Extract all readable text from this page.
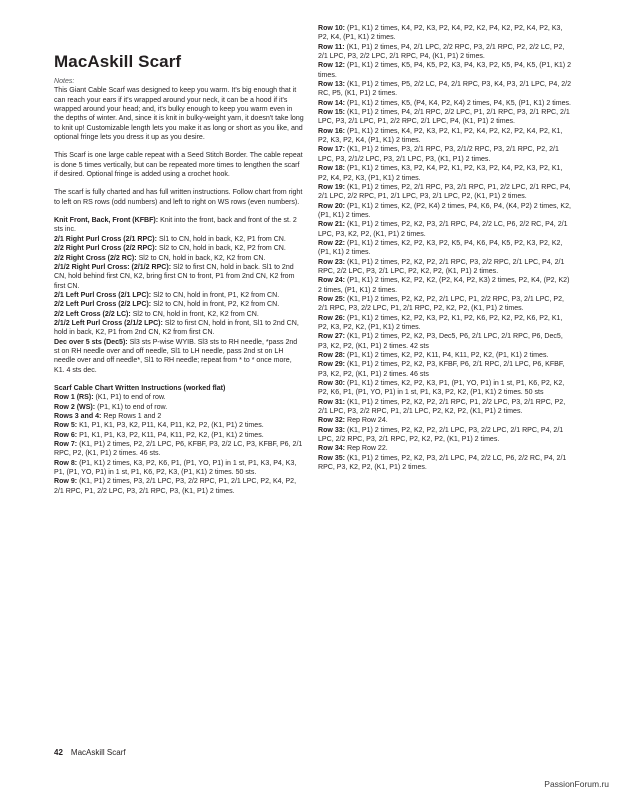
MacAskill Scarf
Notes:

This Giant Cable Scarf was designed to keep you warm. It's big enough that it can reach your ears if it's wrapped around your neck, it can be a hood if it's wrapped around your head; and, it's bulky enough to keep you warm even in the depths of winter. And, since it is knit in bulky-weight yarn, it doesn't take long to knit up! Customizable length lets you make it as long or short as you like, and optional fringe lets you dress it up as you desire.

This Scarf is one large cable repeat with a Seed Stitch Border. The cable repeat is done 5 times vertically, but can be repeated more times to lengthen the scarf if desired. Optional fringe is added using a crochet hook.

The scarf is fully charted and has full written instructions. Follow chart from right to left on RS rows (odd numbers) and left to right on WS rows (even numbers).

Knit Front, Back, Front (KFBF): Knit into the front, back and front of the st. 2 sts inc.

2/1 Right Purl Cross (2/1 RPC): Sl1 to CN, hold in back, K2, P1 from CN.

2/2 Right Purl Cross (2/2 RPC): Sl2 to CN, hold in back, K2, P2 from CN.

2/2 Right Cross (2/2 RC): Sl2 to CN, hold in back, K2, K2 from CN.

2/1/2 Right Purl Cross: (2/1/2 RPC): Sl2 to first CN, hold in back. Sl1 to 2nd CN, hold behind first CN, K2, bring first CN to front, P1 from 2nd CN, K2 from first CN.

2/1 Left Purl Cross (2/1 LPC): Sl2 to CN, hold in front, P1, K2 from CN.

2/2 Left Purl Cross (2/2 LPC): Sl2 to CN, hold in front, P2, K2 from CN.

2/2 Left Cross (2/2 LC): Sl2 to CN, hold in front, K2, K2 from CN.

2/1/2 Left Purl Cross (2/1/2 LPC): Sl2 to first CN, hold in front, Sl1 to 2nd CN, hold in back, K2, P1 from 2nd CN, K2 from first CN.

Dec over 5 sts (Dec5): Sl3 sts P-wise WYIB. Sl3 sts to RH needle, *pass 2nd st on RH needle over and off needle, Sl1 to LH needle, pass 2nd st on LH needle over and off needle*, Sl1 to RH needle; repeat from * to * once more, K1. 4 sts dec.

Scarf Cable Chart Written Instructions (worked flat)

Row 1 (RS): (K1, P1) to end of row.

Row 2 (WS): (P1, K1) to end of row.

Rows 3 and 4: Rep Rows 1 and 2

Row 5: K1, P1, K1, P3, K2, P11, K4, P11, K2, P2, (K1, P1) 2 times.

Row 6: P1, K1, P1, K3, P2, K11, P4, K11, P2, K2, (P1, K1) 2 times.

Row 7: (K1, P1) 2 times, P2, 2/1 LPC, P6, KFBF, P3, 2/2 LC, P3, KFBF, P6, 2/1 RPC, P2, (K1, P1) 2 times. 46 sts.

Row 8: (P1, K1) 2 times, K3, P2, K6, P1, (P1, YO, P1) in 1 st, P1, K3, P4, K3, P1, (P1, YO, P1) in 1 st, P1, K6, P2, K3, (P1, K1) 2 times. 50 sts.

Row 9: (K1, P1) 2 times, P3, 2/1 LPC, P3, 2/2 RPC, P1, 2/1 LPC, P2, K4, P2, 2/1 RPC, P1, 2/2 LPC, P3, 2/1 RPC, P3, (K1, P1) 2 times.

Row 10: (P1, K1) 2 times, K4, P2, K3, P2, K4, P2, K2, P4, K2, P2, K4, P2, K3, P2, K4, (P1, K1) 2 times.

Row 11: (K1, P1) 2 times, P4, 2/1 LPC, 2/2 RPC, P3, 2/1 RPC, P2, 2/2 LC, P2, 2/1 LPC, P3, 2/2 LPC, 2/1 RPC, P4, (K1, P1) 2 times.

Row 12: (P1, K1) 2 times, K5, P4, K5, P2, K3, P4, K3, P2, K5, P4, K5, (P1, K1) 2 times.

Row 13: (K1, P1) 2 times, P5, 2/2 LC, P4, 2/1 RPC, P3, K4, P3, 2/1 LPC, P4, 2/2 RC, P5, (K1, P1) 2 times.

Row 14: (P1, K1) 2 times, K5, (P4, K4, P2, K4) 2 times, P4, K5, (P1, K1) 2 times.

Row 15: (K1, P1) 2 times, P4, 2/1 RPC, 2/2 LPC, P1, 2/1 RPC, P3, 2/1 RPC, 2/1 LPC, P3, 2/1 LPC, P1, 2/2 RPC, 2/1 LPC, P4, (K1, P1) 2 times.

Row 16: (P1, K1) 2 times, K4, P2, K3, P2, K1, P2, K4, P2, K2, P2, K4, P2, K1, P2, K3, P2, K4, (P1, K1) 2 times.

Row 17: (K1, P1) 2 times, P3, 2/1 RPC, P3, 2/1/2 RPC, P3, 2/1 RPC, P2, 2/1 LPC, P3, 2/1/2 LPC, P3, 2/1 LPC, P3, (K1, P1) 2 times.

Row 18: (P1, K1) 2 times, K3, P2, K4, P2, K1, P2, K3, P2, K4, P2, K3, P2, K1, P2, K4, P2, K3, (P1, K1) 2 times.

Row 19: (K1, P1) 2 times, P2, 2/1 RPC, P3, 2/1 RPC, P1, 2/2 LPC, 2/1 RPC, P4, 2/1 LPC, 2/2 RPC, P1, 2/1 LPC, P3, 2/1 LPC, P2, (K1, P1) 2 times.

Row 20: (P1, K1) 2 times, K2, (P2, K4) 2 times, P4, K6, P4, (K4, P2) 2 times, K2, (P1, K1) 2 times.

Row 21: (K1, P1) 2 times, P2, K2, P3, 2/1 RPC, P4, 2/2 LC, P6, 2/2 RC, P4, 2/1 LPC, P3, K2, P2, (K1, P1) 2 times.

Row 22: (P1, K1) 2 times, K2, P2, K3, P2, K5, P4, K6, P4, K5, P2, K3, P2, K2, (P1, K1) 2 times.

Row 23: (K1, P1) 2 times, P2, K2, P2, 2/1 RPC, P3, 2/2 RPC, 2/1 LPC, P4, 2/1 RPC, 2/2 LPC, P3, 2/1 LPC, P2, K2, P2, (K1, P1) 2 times.

Row 24: (P1, K1) 2 times, K2, P2, K2, (P2, K4, P2, K3) 2 times, P2, K4, (P2, K2) 2 times, (P1, K1) 2 times.

Row 25: (K1, P1) 2 times, P2, K2, P2, 2/1 LPC, P1, 2/2 RPC, P3, 2/1 LPC, P2, 2/1 RPC, P3, 2/2 LPC, P1, 2/1 RPC, P2, K2, P2, (K1, P1) 2 times.

Row 26: (P1, K1) 2 times, K2, P2, K3, P2, K1, P2, K6, P2, K2, P2, K6, P2, K1, P2, K3, P2, K2, (P1, K1) 2 times.

Row 27: (K1, P1) 2 times, P2, K2, P3, Dec5, P6, 2/1 LPC, 2/1 RPC, P6, Dec5, P3, K2, P2, (K1, P1) 2 times. 42 sts

Row 28: (P1, K1) 2 times, K2, P2, K11, P4, K11, P2, K2, (P1, K1) 2 times.

Row 29: (K1, P1) 2 times, P2, K2, P3, KFBF, P6, 2/1 RPC, 2/1 LPC, P6, KFBF, P3, K2, P2, (K1, P1) 2 times. 46 sts

Row 30: (P1, K1) 2 times, K2, P2, K3, P1, (P1, YO, P1) in 1 st, P1, K6, P2, K2, P2, K6, P1, (P1, YO, P1) in 1 st, P1, K3, P2, K2, (P1, K1) 2 times. 50 sts

Row 31: (K1, P1) 2 times, P2, K2, P2, 2/1 RPC, P1, 2/2 LPC, P3, 2/1 RPC, P2, 2/1 LPC, P3, 2/2 RPC, P1, 2/1 LPC, P2, K2, P2, (K1, P1) 2 times.

Row 32: Rep Row 24.

Row 33: (K1, P1) 2 times, P2, K2, P2, 2/1 LPC, P3, 2/2 LPC, 2/1 RPC, P4, 2/1 LPC, 2/2 RPC, P3, 2/1 RPC, P2, K2, P2, (K1, P1) 2 times.

Row 34: Rep Row 22.

Row 35: (K1, P1) 2 times, P2, K2, P3, 2/1 LPC, P4, 2/2 LC, P6, 2/2 RC, P4, 2/1 RPC, P3, K2, P2, (K1, P1) 2 times.

42 MacAskill Scarf
PassionForum.ru
